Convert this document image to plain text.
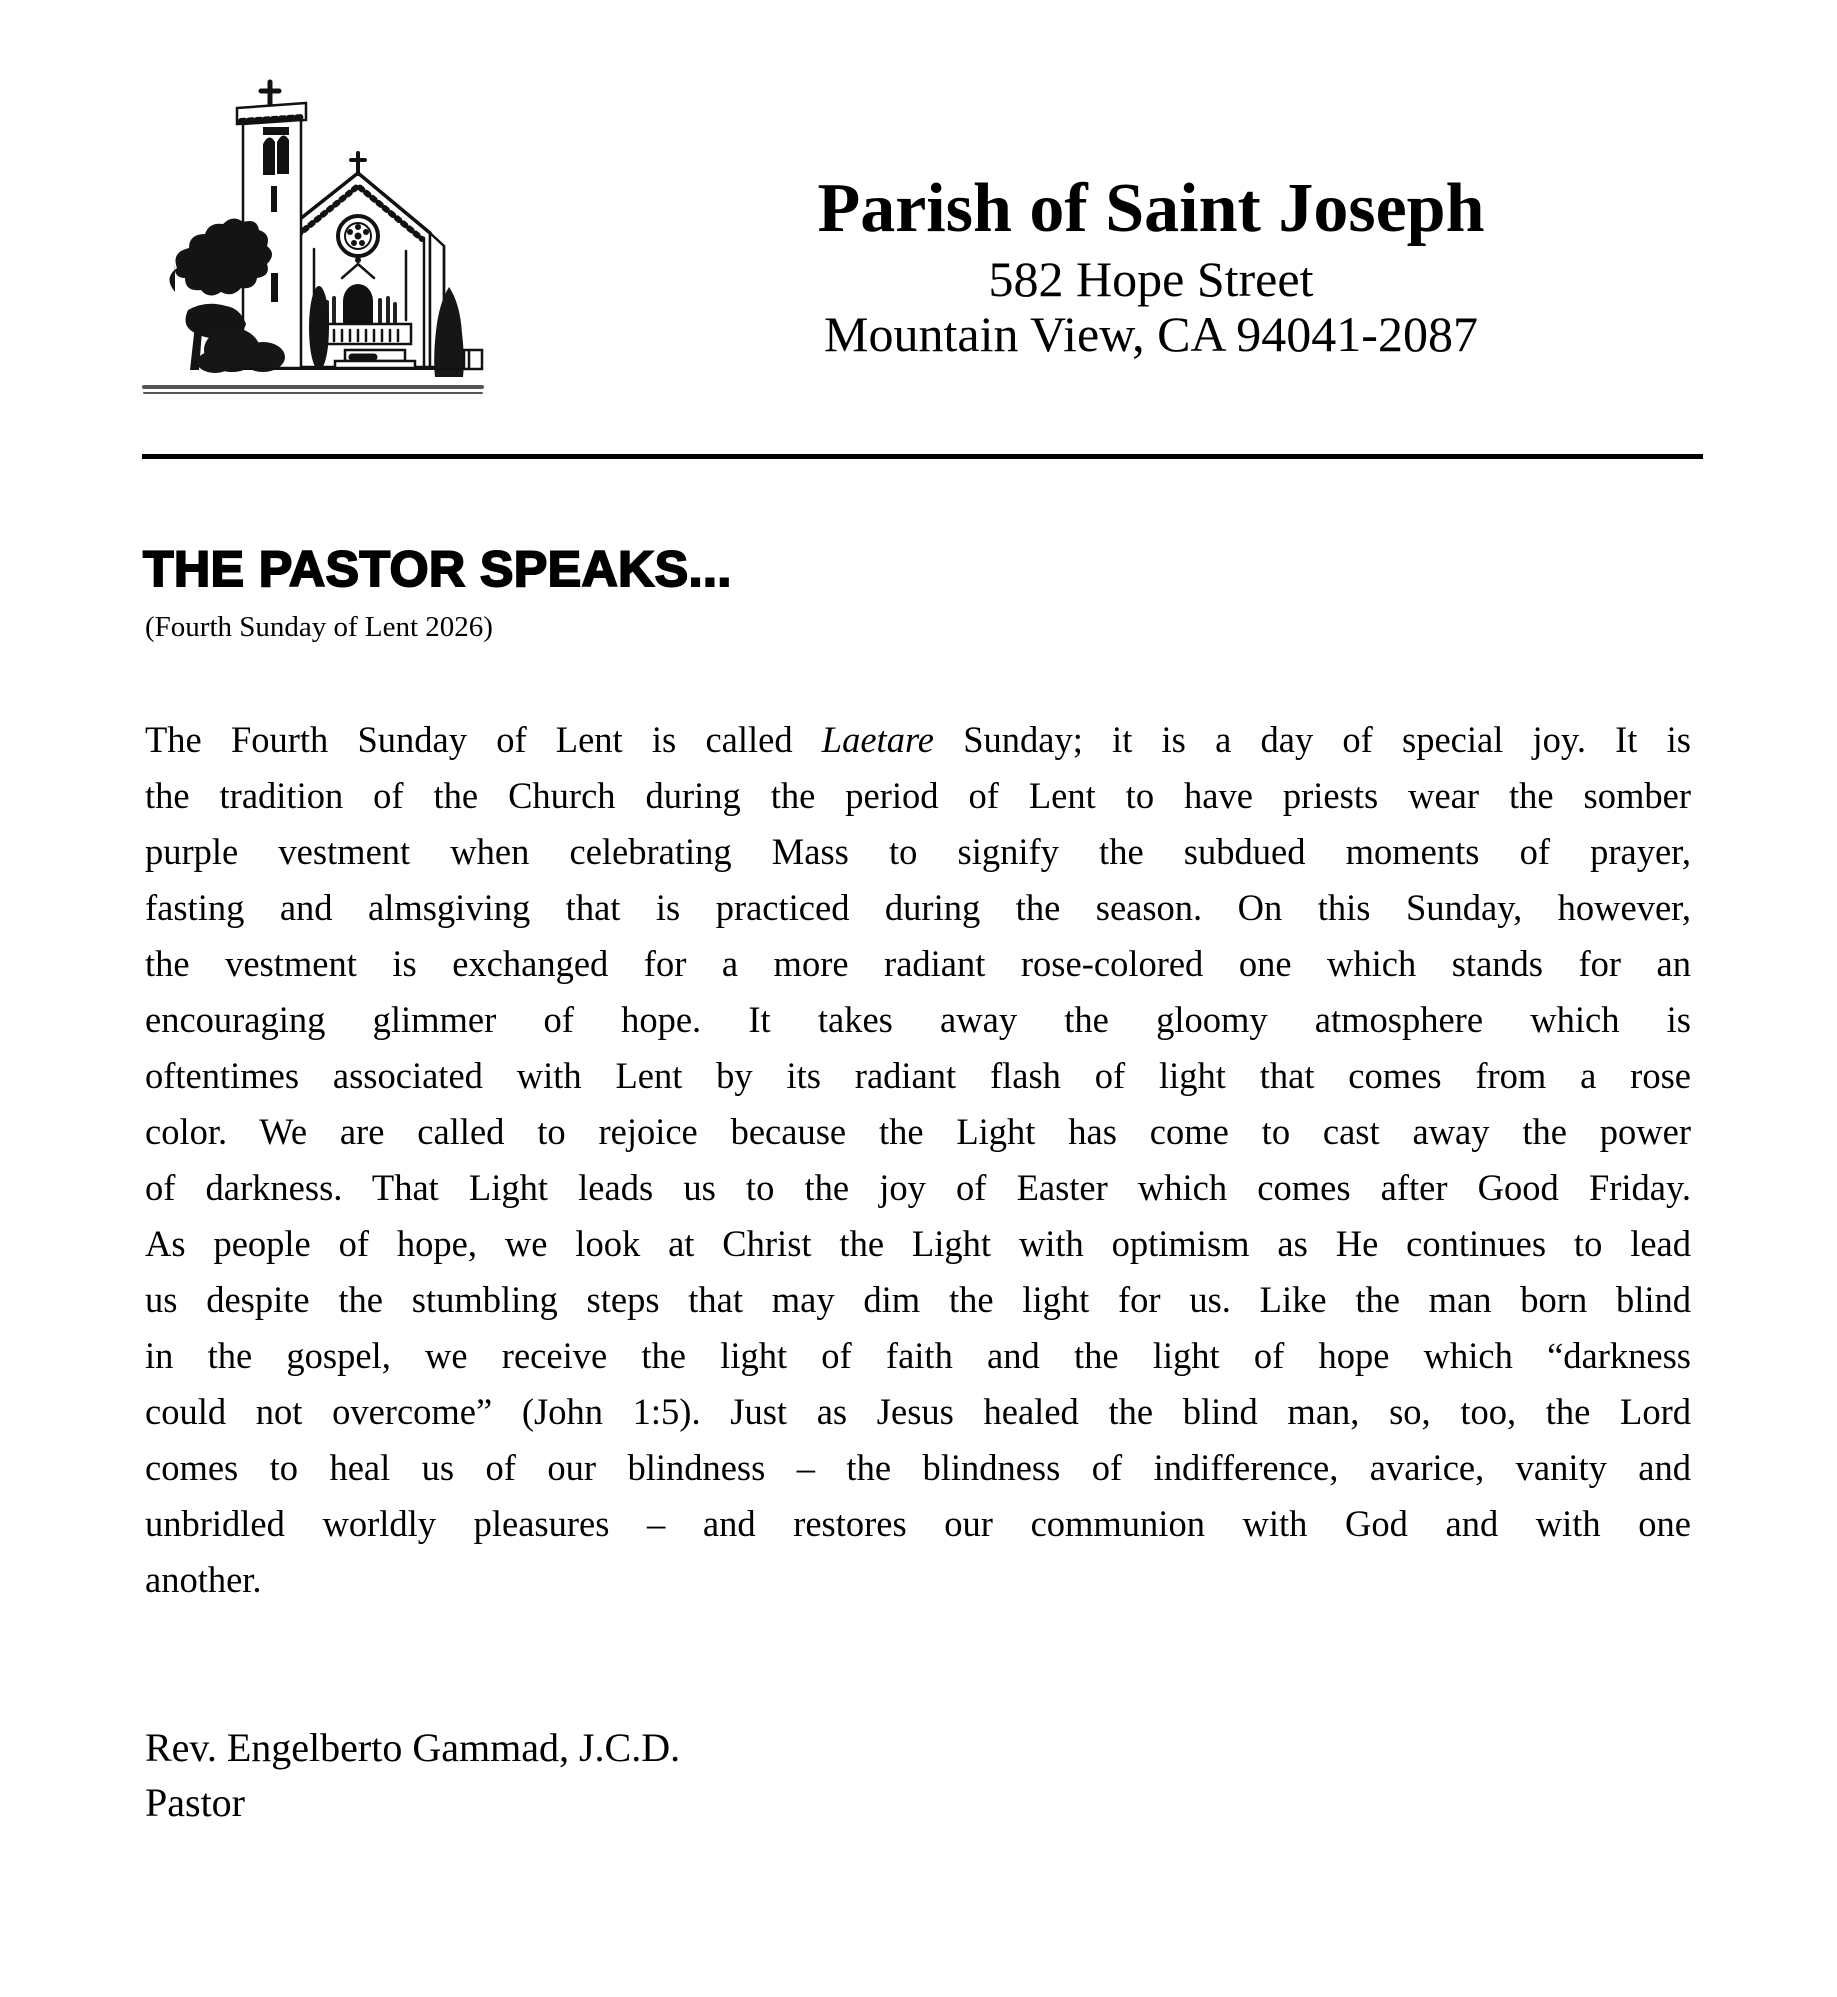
Parish of Saint Joseph
582 Hope Street
Mountain View, CA 94041-2087
THE PASTOR SPEAKS...
(Fourth Sunday of Lent 2026)
The Fourth Sunday of Lent is called Laetare Sunday; it is a day of special joy. It is
the tradition of the Church during the period of Lent to have priests wear the somber
purple vestment when celebrating Mass to signify the subdued moments of prayer,
fasting and almsgiving that is practiced during the season. On this Sunday, however,
the vestment is exchanged for a more radiant rose-colored one which stands for an
encouraging glimmer of hope. It takes away the gloomy atmosphere which is
oftentimes associated with Lent by its radiant flash of light that comes from a rose
color. We are called to rejoice because the Light has come to cast away the power
of darkness. That Light leads us to the joy of Easter which comes after Good Friday.
As people of hope, we look at Christ the Light with optimism as He continues to lead
us despite the stumbling steps that may dim the light for us. Like the man born blind
in the gospel, we receive the light of faith and the light of hope which “darkness
could not overcome” (John 1:5). Just as Jesus healed the blind man, so, too, the Lord
comes to heal us of our blindness – the blindness of indifference, avarice, vanity and
unbridled worldly pleasures – and restores our communion with God and with one
another.
Rev. Engelberto Gammad, J.C.D.
Pastor
